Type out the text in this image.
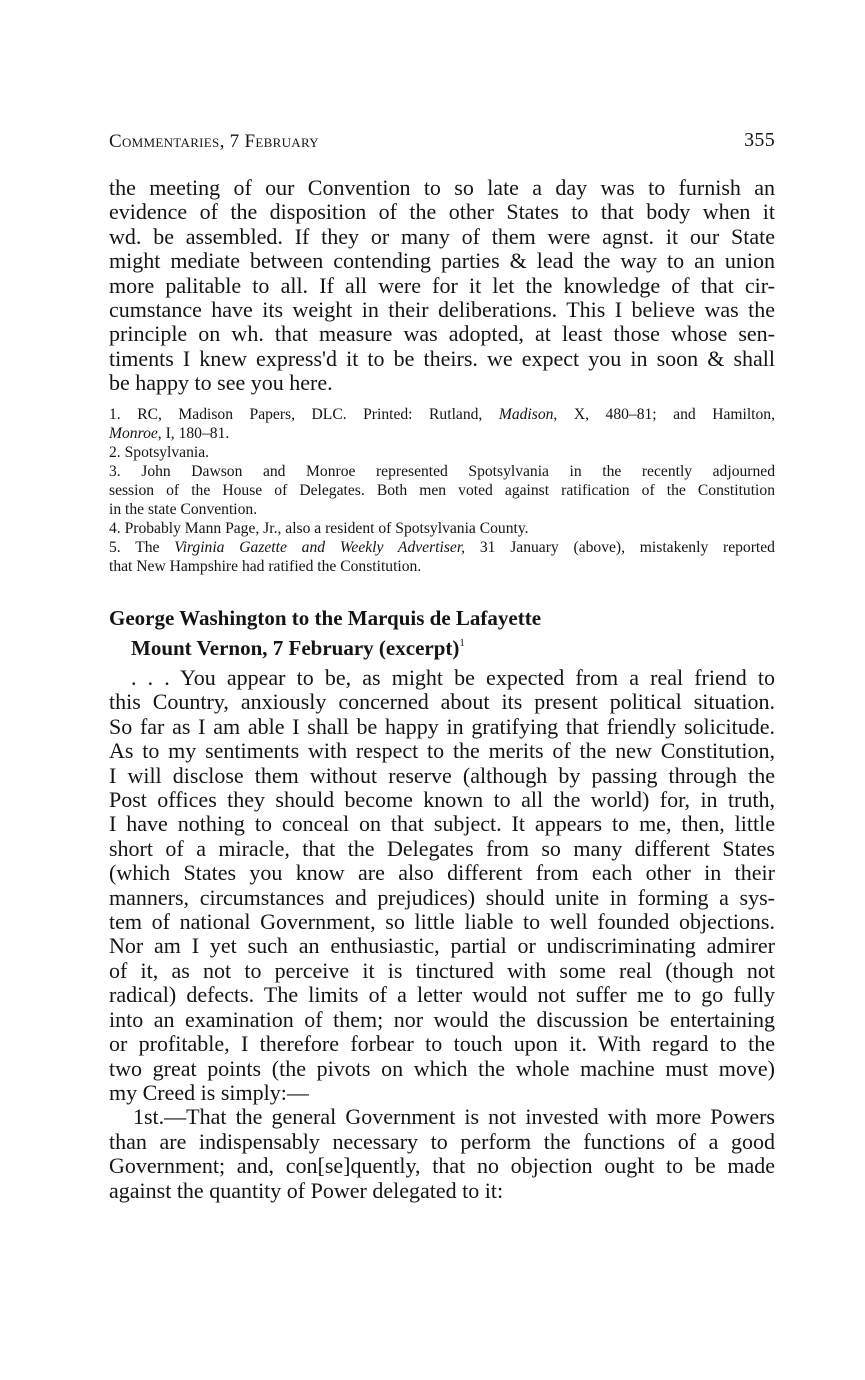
Commentaries, 7 February	355
the meeting of our Convention to so late a day was to furnish an
evidence of the disposition of the other States to that body when it
wd. be assembled. If they or many of them were agnst. it our State
might mediate between contending parties & lead the way to an union
more palitable to all. If all were for it let the knowledge of that cir-
cumstance have its weight in their deliberations. This I believe was the
principle on wh. that measure was adopted, at least those whose sen-
timents I knew express'd it to be theirs. we expect you in soon & shall
be happy to see you here.
1. RC, Madison Papers, DLC. Printed: Rutland, Madison, X, 480–81; and Hamilton,
Monroe, I, 180–81.
2. Spotsylvania.
3. John Dawson and Monroe represented Spotsylvania in the recently adjourned
session of the House of Delegates. Both men voted against ratification of the Constitution
in the state Convention.
4. Probably Mann Page, Jr., also a resident of Spotsylvania County.
5. The Virginia Gazette and Weekly Advertiser, 31 January (above), mistakenly reported
that New Hampshire had ratified the Constitution.
George Washington to the Marquis de Lafayette
Mount Vernon, 7 February (excerpt)$^1$
. . . You appear to be, as might be expected from a real friend to
this Country, anxiously concerned about its present political situation.
So far as I am able I shall be happy in gratifying that friendly solicitude.
As to my sentiments with respect to the merits of the new Constitution,
I will disclose them without reserve (although by passing through the
Post offices they should become known to all the world) for, in truth,
I have nothing to conceal on that subject. It appears to me, then, little
short of a miracle, that the Delegates from so many different States
(which States you know are also different from each other in their
manners, circumstances and prejudices) should unite in forming a sys-
tem of national Government, so little liable to well founded objections.
Nor am I yet such an enthusiastic, partial or undiscriminating admirer
of it, as not to perceive it is tinctured with some real (though not
radical) defects. The limits of a letter would not suffer me to go fully
into an examination of them; nor would the discussion be entertaining
or profitable, I therefore forbear to touch upon it. With regard to the
two great points (the pivots on which the whole machine must move)
my Creed is simply:—
1st.—That the general Government is not invested with more Powers
than are indispensably necessary to perform the functions of a good
Government; and, con[se]quently, that no objection ought to be made
against the quantity of Power delegated to it:
